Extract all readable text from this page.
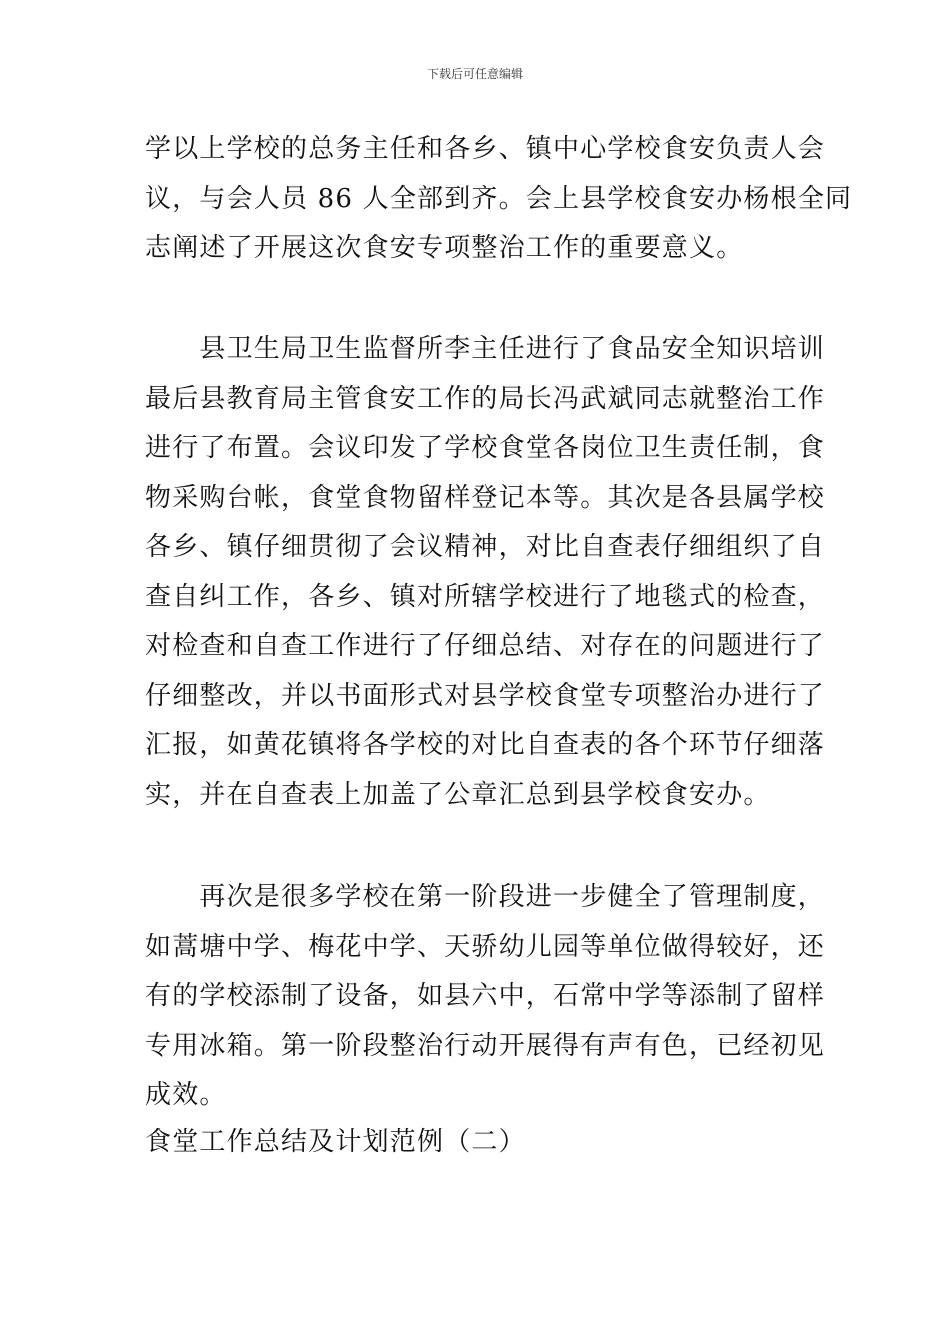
下载后可任意编辑
学以上学校的总务主任和各乡、镇中心学校食安负责人会
议，与会人员 86 人全部到齐。会上县学校食安办杨根全同
志阐述了开展这次食安专项整治工作的重要意义。
　　县卫生局卫生监督所李主任进行了食品安全知识培训
最后县教育局主管食安工作的局长冯武斌同志就整治工作
进行了布置。会议印发了学校食堂各岗位卫生责任制，食
物采购台帐，食堂食物留样登记本等。其次是各县属学校
各乡、镇仔细贯彻了会议精神，对比自查表仔细组织了自
查自纠工作，各乡、镇对所辖学校进行了地毯式的检查，
对检查和自查工作进行了仔细总结、对存在的问题进行了
仔细整改，并以书面形式对县学校食堂专项整治办进行了
汇报，如黄花镇将各学校的对比自查表的各个环节仔细落
实，并在自查表上加盖了公章汇总到县学校食安办。
　　再次是很多学校在第一阶段进一步健全了管理制度，
如蒿塘中学、梅花中学、天骄幼儿园等单位做得较好，还
有的学校添制了设备，如县六中，石常中学等添制了留样
专用冰箱。第一阶段整治行动开展得有声有色，已经初见
成效。
食堂工作总结及计划范例（二）
